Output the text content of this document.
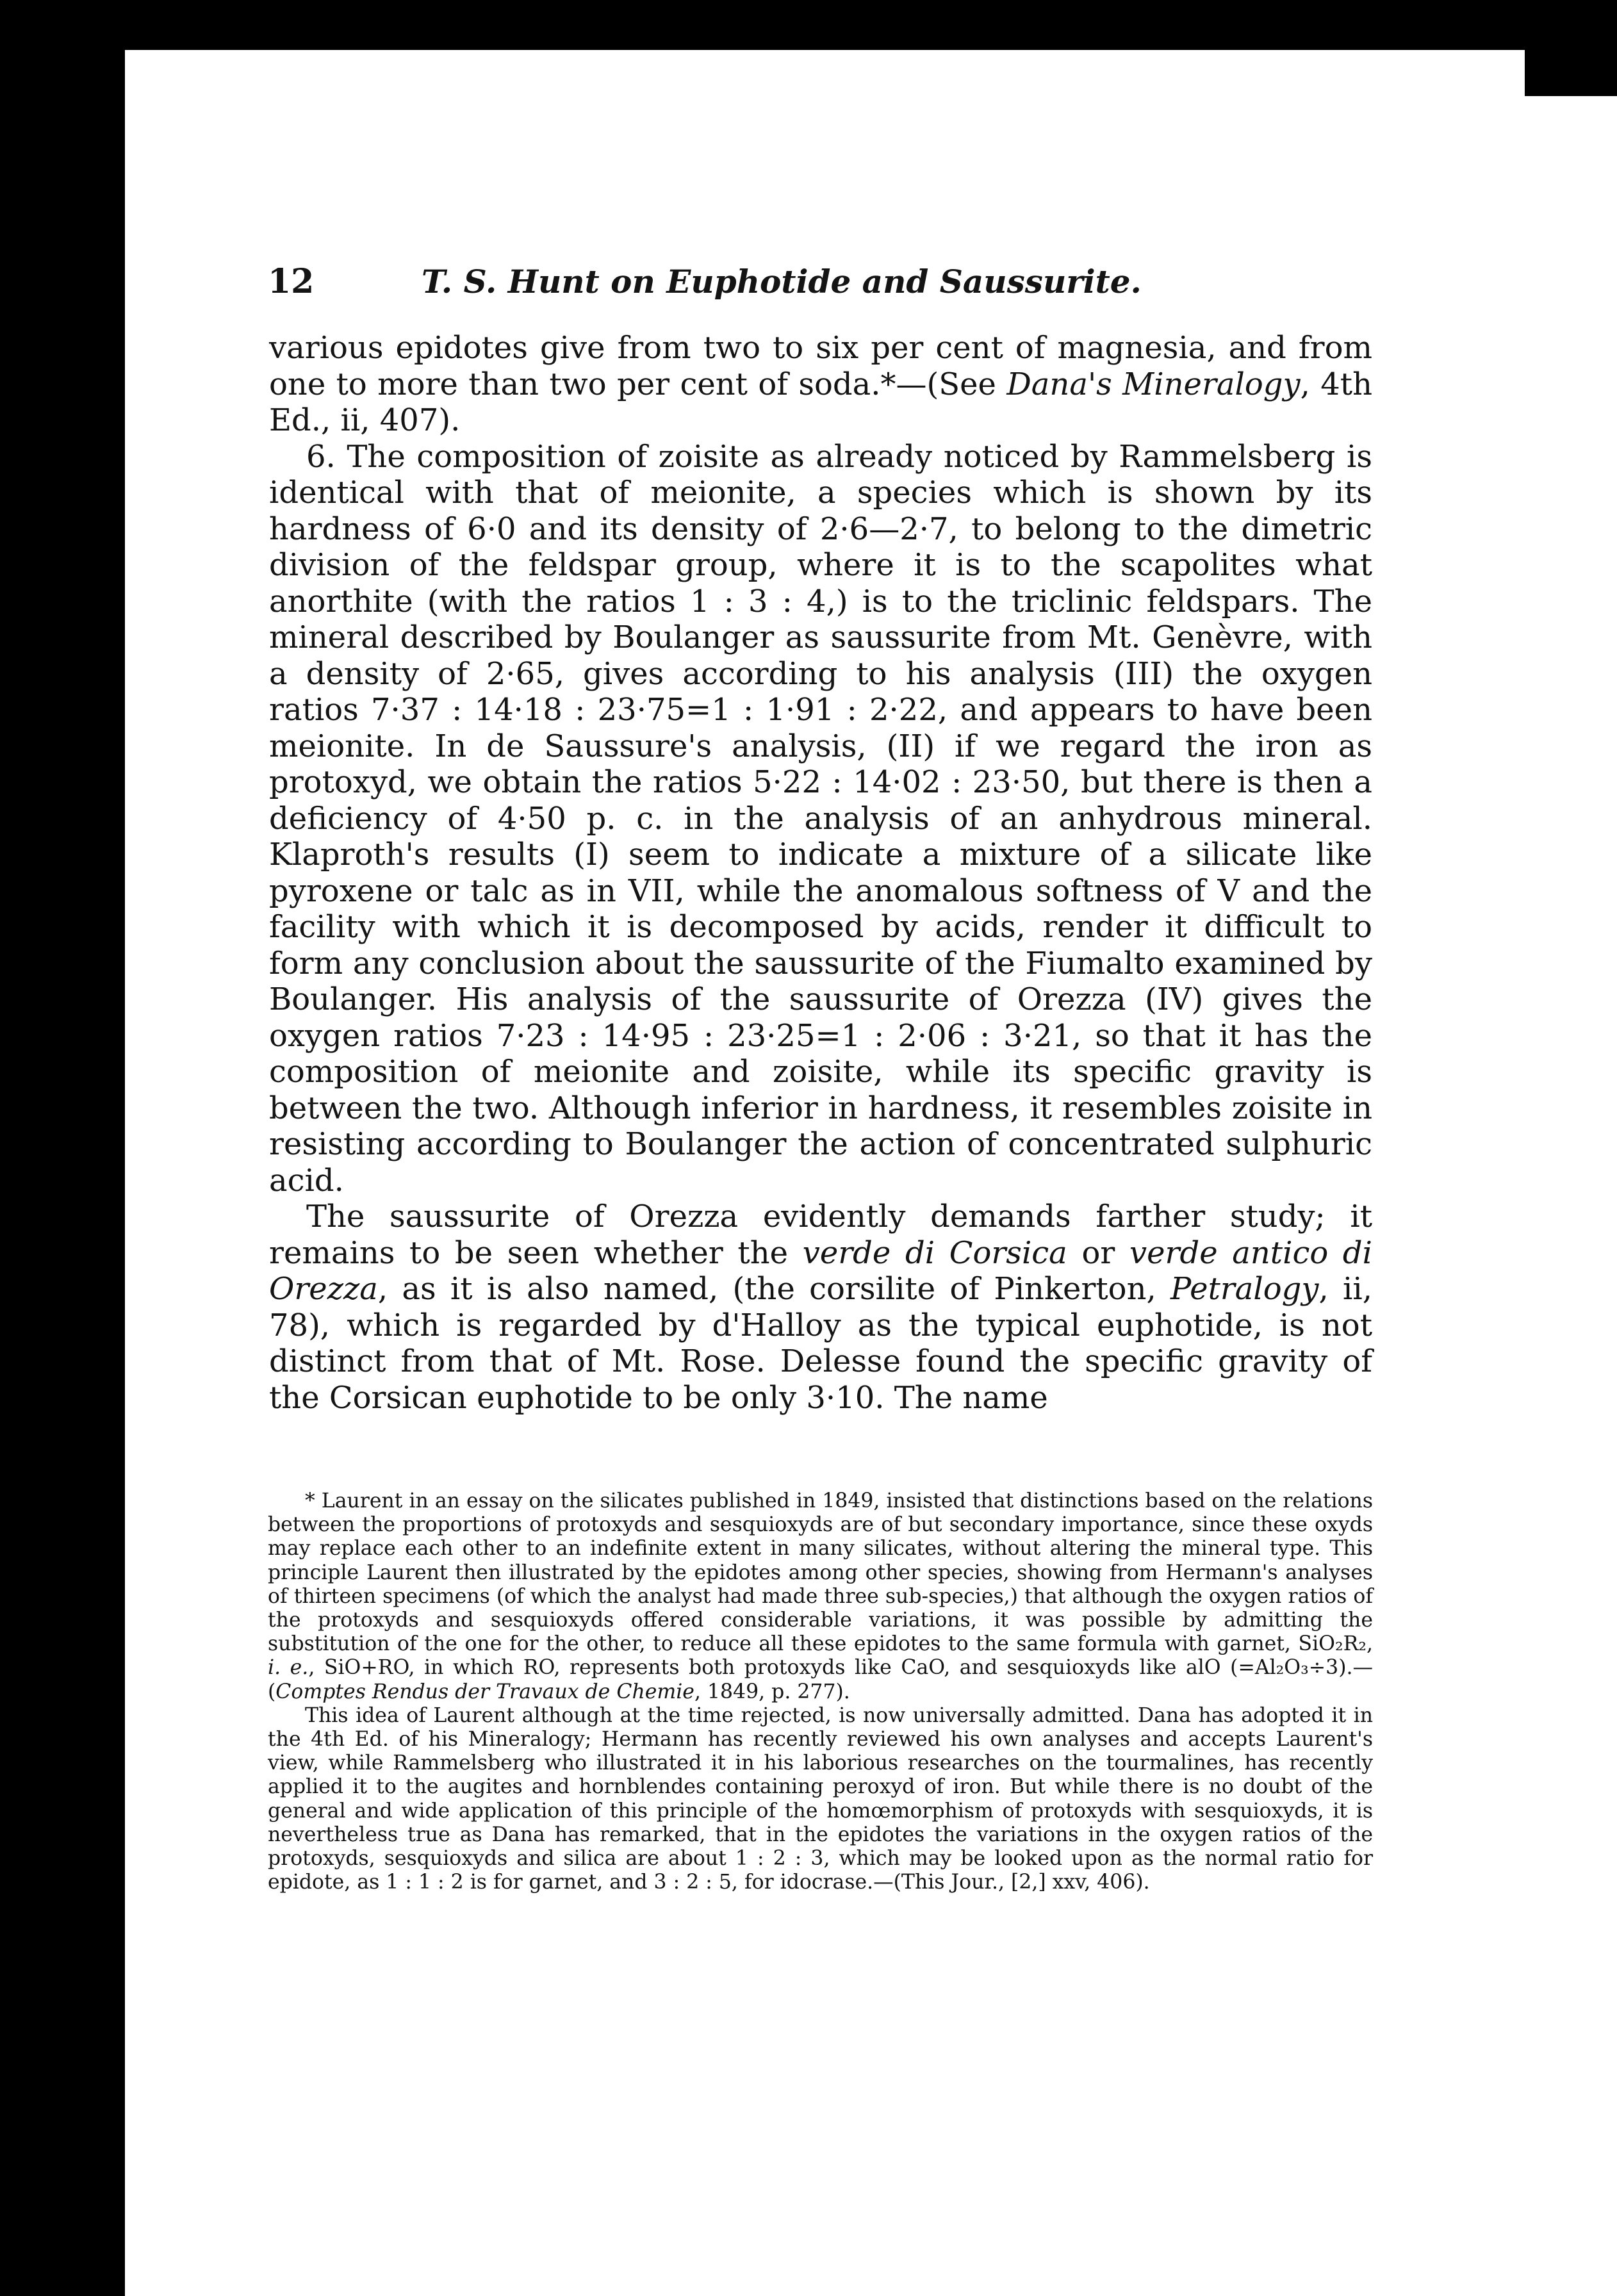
12	T. S. Hunt on Euphotide and Saussurite.

various epidotes give from two to six per cent of magnesia, and from one to more than two per cent of soda.*—(See Dana's Mineralogy, 4th Ed., ii, 407).

6. The composition of zoisite as already noticed by Rammelsberg is identical with that of meionite, a species which is shown by its hardness of 6·0 and its density of 2·6—2·7, to belong to the dimetric division of the feldspar group, where it is to the scapolites what anorthite (with the ratios 1 : 3 : 4,) is to the triclinic feldspars. The mineral described by Boulanger as saussurite from Mt. Genèvre, with a density of 2·65, gives according to his analysis (III) the oxygen ratios 7·37 : 14·18 : 23·75=1 : 1·91 : 2·22, and appears to have been meionite. In de Saussure's analysis, (II) if we regard the iron as protoxyd, we obtain the ratios 5·22 : 14·02 : 23·50, but there is then a deficiency of 4·50 p. c. in the analysis of an anhydrous mineral. Klaproth's results (I) seem to indicate a mixture of a silicate like pyroxene or talc as in VII, while the anomalous softness of V and the facility with which it is decomposed by acids, render it difficult to form any conclusion about the saussurite of the Fiumalto examined by Boulanger. His analysis of the saussurite of Orezza (IV) gives the oxygen ratios 7·23 : 14·95 : 23·25=1 : 2·06 : 3·21, so that it has the composition of meionite and zoisite, while its specific gravity is between the two. Although inferior in hardness, it resembles zoisite in resisting according to Boulanger the action of concentrated sulphuric acid.

The saussurite of Orezza evidently demands farther study; it remains to be seen whether the verde di Corsica or verde antico di Orezza, as it is also named, (the corsilite of Pinkerton, Petralogy, ii, 78), which is regarded by d'Halloy as the typical euphotide, is not distinct from that of Mt. Rose. Delesse found the specific gravity of the Corsican euphotide to be only 3·10. The name

* Laurent in an essay on the silicates published in 1849, insisted that distinctions based on the relations between the proportions of protoxyds and sesquioxyds are of but secondary importance, since these oxyds may replace each other to an indefinite extent in many silicates, without altering the mineral type. This principle Laurent then illustrated by the epidotes among other species, showing from Hermann's analyses of thirteen specimens (of which the analyst had made three sub-species,) that although the oxygen ratios of the protoxyds and sesquioxyds offered considerable variations, it was possible by admitting the substitution of the one for the other, to reduce all these epidotes to the same formula with garnet, SiO₂R₂, i. e., SiO+RO, in which RO, represents both protoxyds like CaO, and sesquioxyds like alO (=Al₂O₃÷3).—(Comptes Rendus der Travaux de Chemie, 1849, p. 277).

This idea of Laurent although at the time rejected, is now universally admitted. Dana has adopted it in the 4th Ed. of his Mineralogy; Hermann has recently reviewed his own analyses and accepts Laurent's view, while Rammelsberg who illustrated it in his laborious researches on the tourmalines, has recently applied it to the augites and hornblendes containing peroxyd of iron. But while there is no doubt of the general and wide application of this principle of the homœmorphism of protoxyds with sesquioxyds, it is nevertheless true as Dana has remarked, that in the epidotes the variations in the oxygen ratios of the protoxyds, sesquioxyds and silica are about 1 : 2 : 3, which may be looked upon as the normal ratio for epidote, as 1 : 1 : 2 is for garnet, and 3 : 2 : 5, for idocrase.—(This Jour., [2,] xxv, 406).
